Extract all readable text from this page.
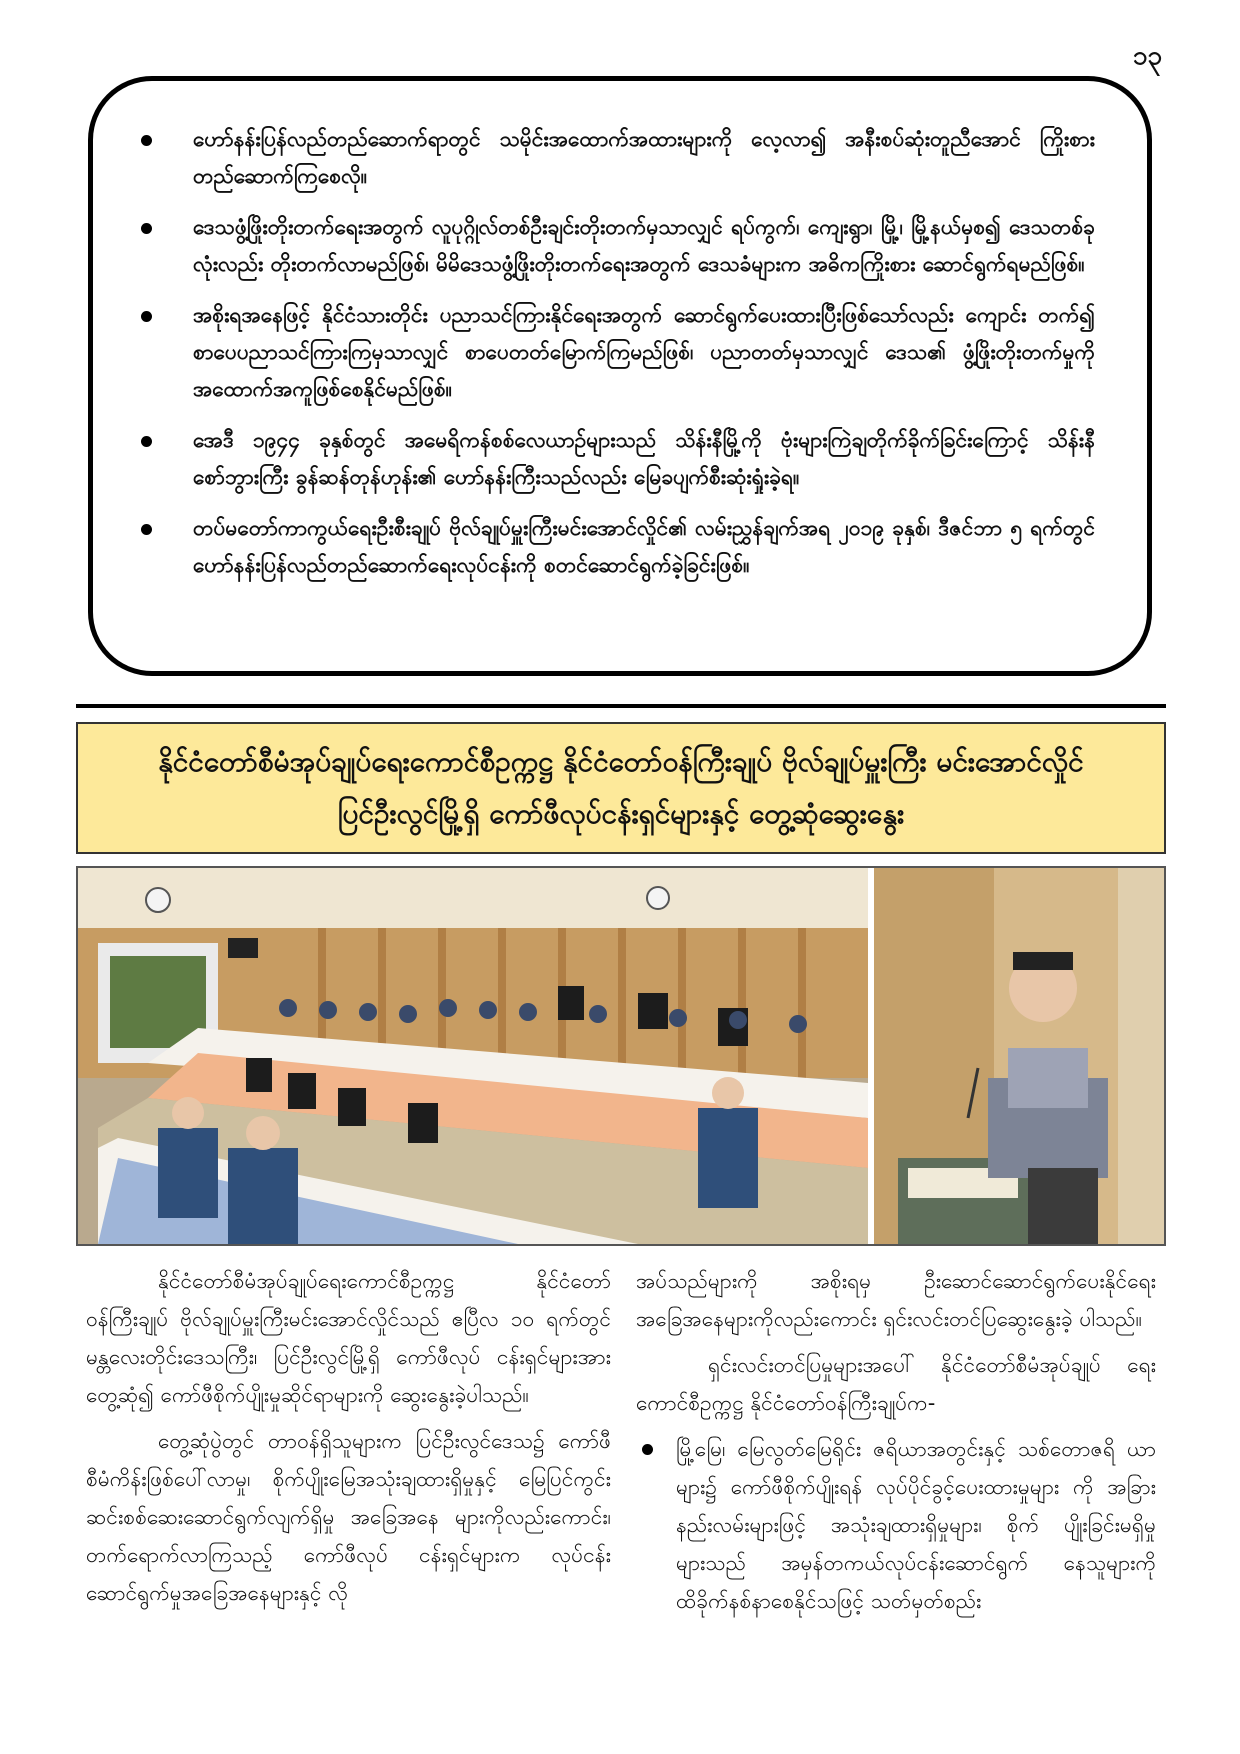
၁၃
ဟော်နန်းပြန်လည်တည်ဆောက်ရာတွင် သမိုင်းအထောက်အထားများကို လေ့လာ၍ အနီးစပ်ဆုံးတူညီအောင် ကြိုးစားတည်ဆောက်ကြစေလို။
ဒေသဖွံ့ဖြိုးတိုးတက်ရေးအတွက် လူပုဂ္ဂိုလ်တစ်ဦးချင်းတိုးတက်မှသာလျှင် ရပ်ကွက်၊ ကျေးရွာ၊ မြို့၊ မြို့နယ်မှစ၍ ဒေသတစ်ခုလုံးလည်း တိုးတက်လာမည်ဖြစ်၊ မိမိဒေသဖွံ့ဖြိုးတိုးတက်ရေးအတွက် ဒေသခံများက အဓိကကြိုးစား ဆောင်ရွက်ရမည်ဖြစ်။
အစိုးရအနေဖြင့် နိုင်ငံသားတိုင်း ပညာသင်ကြားနိုင်ရေးအတွက် ဆောင်ရွက်ပေးထားပြီးဖြစ်သော်လည်း ကျောင်း တက်၍ စာပေပညာသင်ကြားကြမှသာလျှင် စာပေတတ်မြောက်ကြမည်ဖြစ်၊ ပညာတတ်မှသာလျှင် ဒေသ၏ ဖွံ့ဖြိုးတိုးတက်မှုကို အထောက်အကူဖြစ်စေနိုင်မည်ဖြစ်။
အေဒီ ၁၉၄၄ ခုနှစ်တွင် အမေရိကန်စစ်လေယာဉ်များသည် သိန်းနီမြို့ကို ဗုံးများကြဲချတိုက်ခိုက်ခြင်းကြောင့် သိန်းနီ စော်ဘွားကြီး ခွန်ဆန်တုန်ဟုန်း၏ ဟော်နန်းကြီးသည်လည်း မြေခပျက်စီးဆုံးရှုံးခဲ့ရ။
တပ်မတော်ကာကွယ်ရေးဦးစီးချုပ် ဗိုလ်ချုပ်မှူးကြီးမင်းအောင်လှိုင်၏ လမ်းညွှန်ချက်အရ ၂၀၁၉ ခုနှစ်၊ ဒီဇင်ဘာ ၅ ရက်တွင် ဟော်နန်းပြန်လည်တည်ဆောက်ရေးလုပ်ငန်းကို စတင်ဆောင်ရွက်ခဲ့ခြင်းဖြစ်။
နိုင်ငံတော်စီမံအုပ်ချုပ်ရေးကောင်စီဥက္ကဋ္ဌ နိုင်ငံတော်ဝန်ကြီးချုပ် ဗိုလ်ချုပ်မှူးကြီး မင်းအောင်လှိုင်
ပြင်ဦးလွင်မြို့ရှိ ကော်ဖီလုပ်ငန်းရှင်များနှင့် တွေ့ဆုံဆွေးနွေး

နိုင်ငံတော်စီမံအုပ်ချုပ်ရေးကောင်စီဥက္ကဋ္ဌ နိုင်ငံတော် ဝန်ကြီးချုပ် ဗိုလ်ချုပ်မှူးကြီးမင်းအောင်လှိုင်သည် ဧပြီလ ၁၀ ရက်တွင် မန္တလေးတိုင်းဒေသကြီး၊ ပြင်ဦးလွင်မြို့ရှိ ကော်ဖီလုပ် ငန်းရှင်များအားတွေ့ဆုံ၍ ကော်ဖီစိုက်ပျိုးမှုဆိုင်ရာများကို ဆွေးနွေးခဲ့ပါသည်။

တွေ့ဆုံပွဲတွင် တာဝန်ရှိသူများက ပြင်ဦးလွင်ဒေသ၌ ကော်ဖီစီမံကိန်းဖြစ်ပေါ်လာမှု၊ စိုက်ပျိုးမြေအသုံးချထားရှိမှုနှင့် မြေပြင်ကွင်းဆင်းစစ်ဆေးဆောင်ရွက်လျက်ရှိမှု အခြေအနေ များကိုလည်းကောင်း၊ တက်ရောက်လာကြသည့် ကော်ဖီလုပ် ငန်းရှင်များက လုပ်ငန်းဆောင်ရွက်မှုအခြေအနေများနှင့် လို

အပ်သည်များကို အစိုးရမှ ဦးဆောင်ဆောင်ရွက်ပေးနိုင်ရေး အခြေအနေများကိုလည်းကောင်း ရှင်းလင်းတင်ပြဆွေးနွေးခဲ့ ပါသည်။

ရှင်းလင်းတင်ပြမှုများအပေါ် နိုင်ငံတော်စီမံအုပ်ချုပ် ရေးကောင်စီဥက္ကဋ္ဌ နိုင်ငံတော်ဝန်ကြီးချုပ်က-

မြို့မြေ၊ မြေလွတ်မြေရိုင်း ဇရိယာအတွင်းနှင့် သစ်တောဇရိ ယာများ၌ ကော်ဖီစိုက်ပျိုးရန် လုပ်ပိုင်ခွင့်ပေးထားမှုများ ကို အခြားနည်းလမ်းများဖြင့် အသုံးချထားရှိမှုများ၊ စိုက် ပျိုးခြင်းမရှိမှုများသည် အမှန်တကယ်လုပ်ငန်းဆောင်ရွက် နေသူများကို ထိခိုက်နစ်နာစေနိုင်သဖြင့် သတ်မှတ်စည်း
